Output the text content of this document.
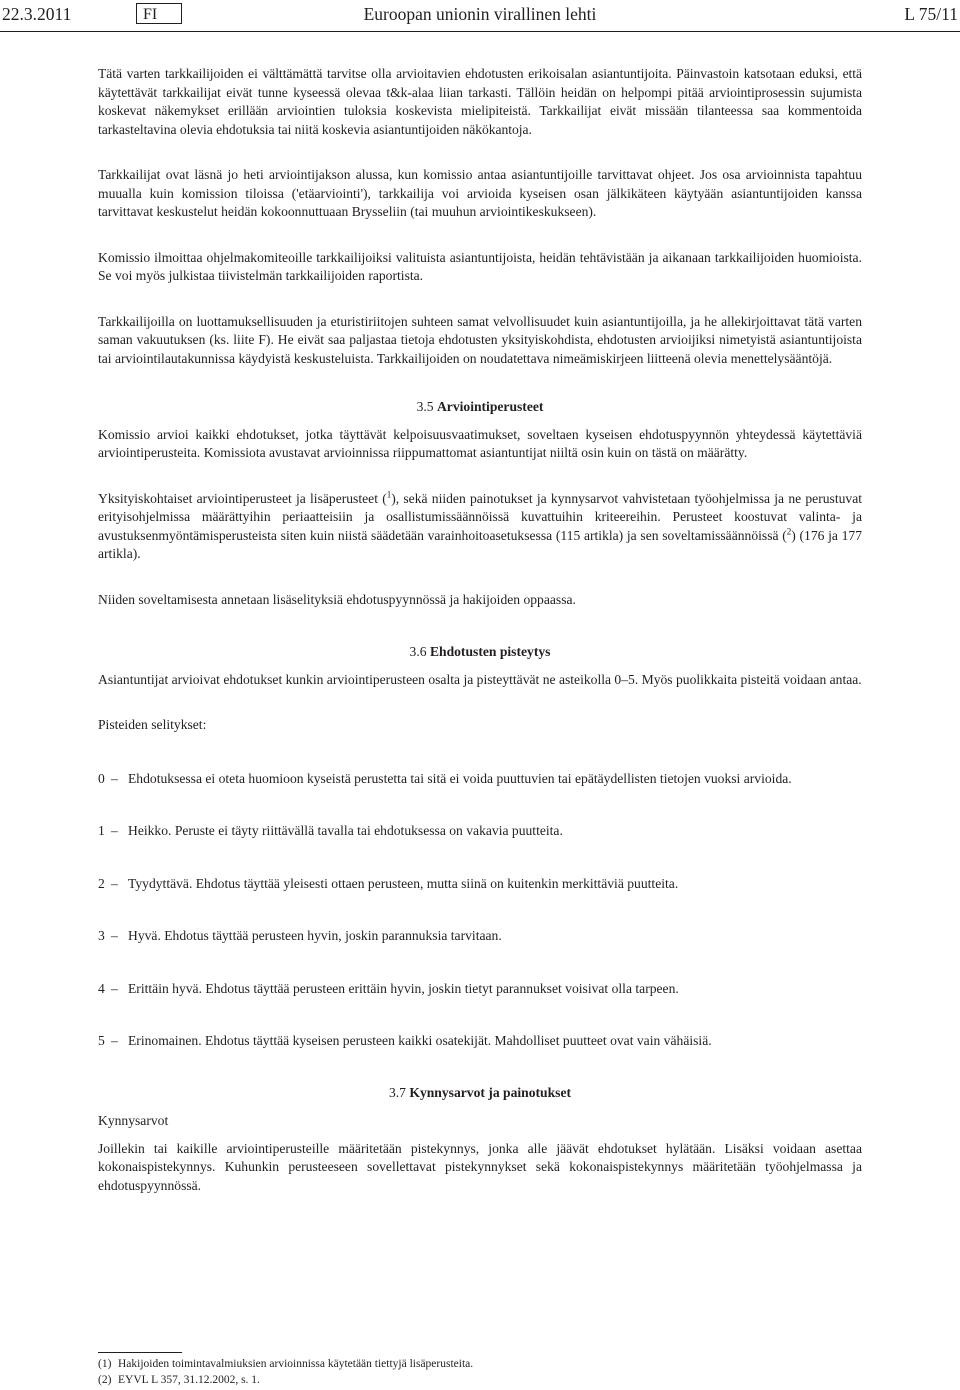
22.3.2011	FI	Euroopan unionin virallinen lehti	L 75/11

Tätä varten tarkkailijoiden ei välttämättä tarvitse olla arvioitavien ehdotusten erikoisalan asiantuntijoita. Päinvastoin katsotaan eduksi, että käytettävät tarkkailijat eivät tunne kyseessä olevaa t&k-alaa liian tarkasti. Tällöin heidän on helpompi pitää arviointiprosessin sujumista koskevat näkemykset erillään arviointien tuloksia koskevista mielipiteistä. Tarkkailijat eivät missään tilanteessa saa kommentoida tarkasteltavina olevia ehdotuksia tai niitä koskevia asiantuntijoiden näkökantoja.

Tarkkailijat ovat läsnä jo heti arviointijakson alussa, kun komissio antaa asiantuntijoille tarvittavat ohjeet. Jos osa arvioinnista tapahtuu muualla kuin komission tiloissa ('etäarviointi'), tarkkailija voi arvioida kyseisen osan jälkikäteen käytyään asiantuntijoiden kanssa tarvittavat keskustelut heidän kokoonnuttuaan Brysseliin (tai muuhun arviointikeskukseen).

Komissio ilmoittaa ohjelmakomiteoille tarkkailijoiksi valituista asiantuntijoista, heidän tehtävistään ja aikanaan tarkkailijoiden huomioista. Se voi myös julkistaa tiivistelmän tarkkailijoiden raportista.

Tarkkailijoilla on luottamuksellisuuden ja eturistiriitojen suhteen samat velvollisuudet kuin asiantuntijoilla, ja he allekirjoittavat tätä varten saman vakuutuksen (ks. liite F). He eivät saa paljastaa tietoja ehdotusten yksityiskohdista, ehdotusten arvioijiksi nimetyistä asiantuntijoista tai arviointilautakunnissa käydyistä keskusteluista. Tarkkailijoiden on noudatettava nimeämiskirjeen liitteenä olevia menettelysääntöjä.

3.5 Arviointiperusteet

Komissio arvioi kaikki ehdotukset, jotka täyttävät kelpoisuusvaatimukset, soveltaen kyseisen ehdotuspyynnön yhteydessä käytettäviä arviointiperusteita. Komissiota avustavat arvioinnissa riippumattomat asiantuntijat niiltä osin kuin on tästä on määrätty.

Yksityiskohtaiset arviointiperusteet ja lisäperusteet ($^1$), sekä niiden painotukset ja kynnysarvot vahvistetaan työohjelmissa ja ne perustuvat erityisohjelmissa määrättyihin periaatteisiin ja osallistumissäännöissä kuvattuihin kriteereihin. Perusteet koostuvat valinta- ja avustuksenmyöntämisperusteista siten kuin niistä säädetään varainhoitoasetuksessa (115 artikla) ja sen soveltamissäännöissä ($^2$) (176 ja 177 artikla).

Niiden soveltamisesta annetaan lisäselityksiä ehdotuspyynnössä ja hakijoiden oppaassa.

3.6 Ehdotusten pisteytys

Asiantuntijat arvioivat ehdotukset kunkin arviointiperusteen osalta ja pisteyttävät ne asteikolla 0–5. Myös puolikkaita pisteitä voidaan antaa.

Pisteiden selitykset:

0 – Ehdotuksessa ei oteta huomioon kyseistä perustetta tai sitä ei voida puuttuvien tai epätäydellisten tietojen vuoksi arvioida.
1 – Heikko. Peruste ei täyty riittävällä tavalla tai ehdotuksessa on vakavia puutteita.
2 – Tyydyttävä. Ehdotus täyttää yleisesti ottaen perusteen, mutta siinä on kuitenkin merkittäviä puutteita.
3 – Hyvä. Ehdotus täyttää perusteen hyvin, joskin parannuksia tarvitaan.
4 – Erittäin hyvä. Ehdotus täyttää perusteen erittäin hyvin, joskin tietyt parannukset voisivat olla tarpeen.
5 – Erinomainen. Ehdotus täyttää kyseisen perusteen kaikki osatekijät. Mahdolliset puutteet ovat vain vähäisiä.
3.7 Kynnysarvot ja painotukset
Kynnysarvot

Joillekin tai kaikille arviointiperusteille määritetään pistekynnys, jonka alle jäävät ehdotukset hylätään. Lisäksi voidaan asettaa kokonaispistekynnys. Kuhunkin perusteeseen sovellettavat pistekynnykset sekä kokonaispistekynnys määritetään työohjelmassa ja ehdotuspyynnössä.

(1) Hakijoiden toimintavalmiuksien arvioinnissa käytetään tiettyjä lisäperusteita.
(2) EYVL L 357, 31.12.2002, s. 1.
